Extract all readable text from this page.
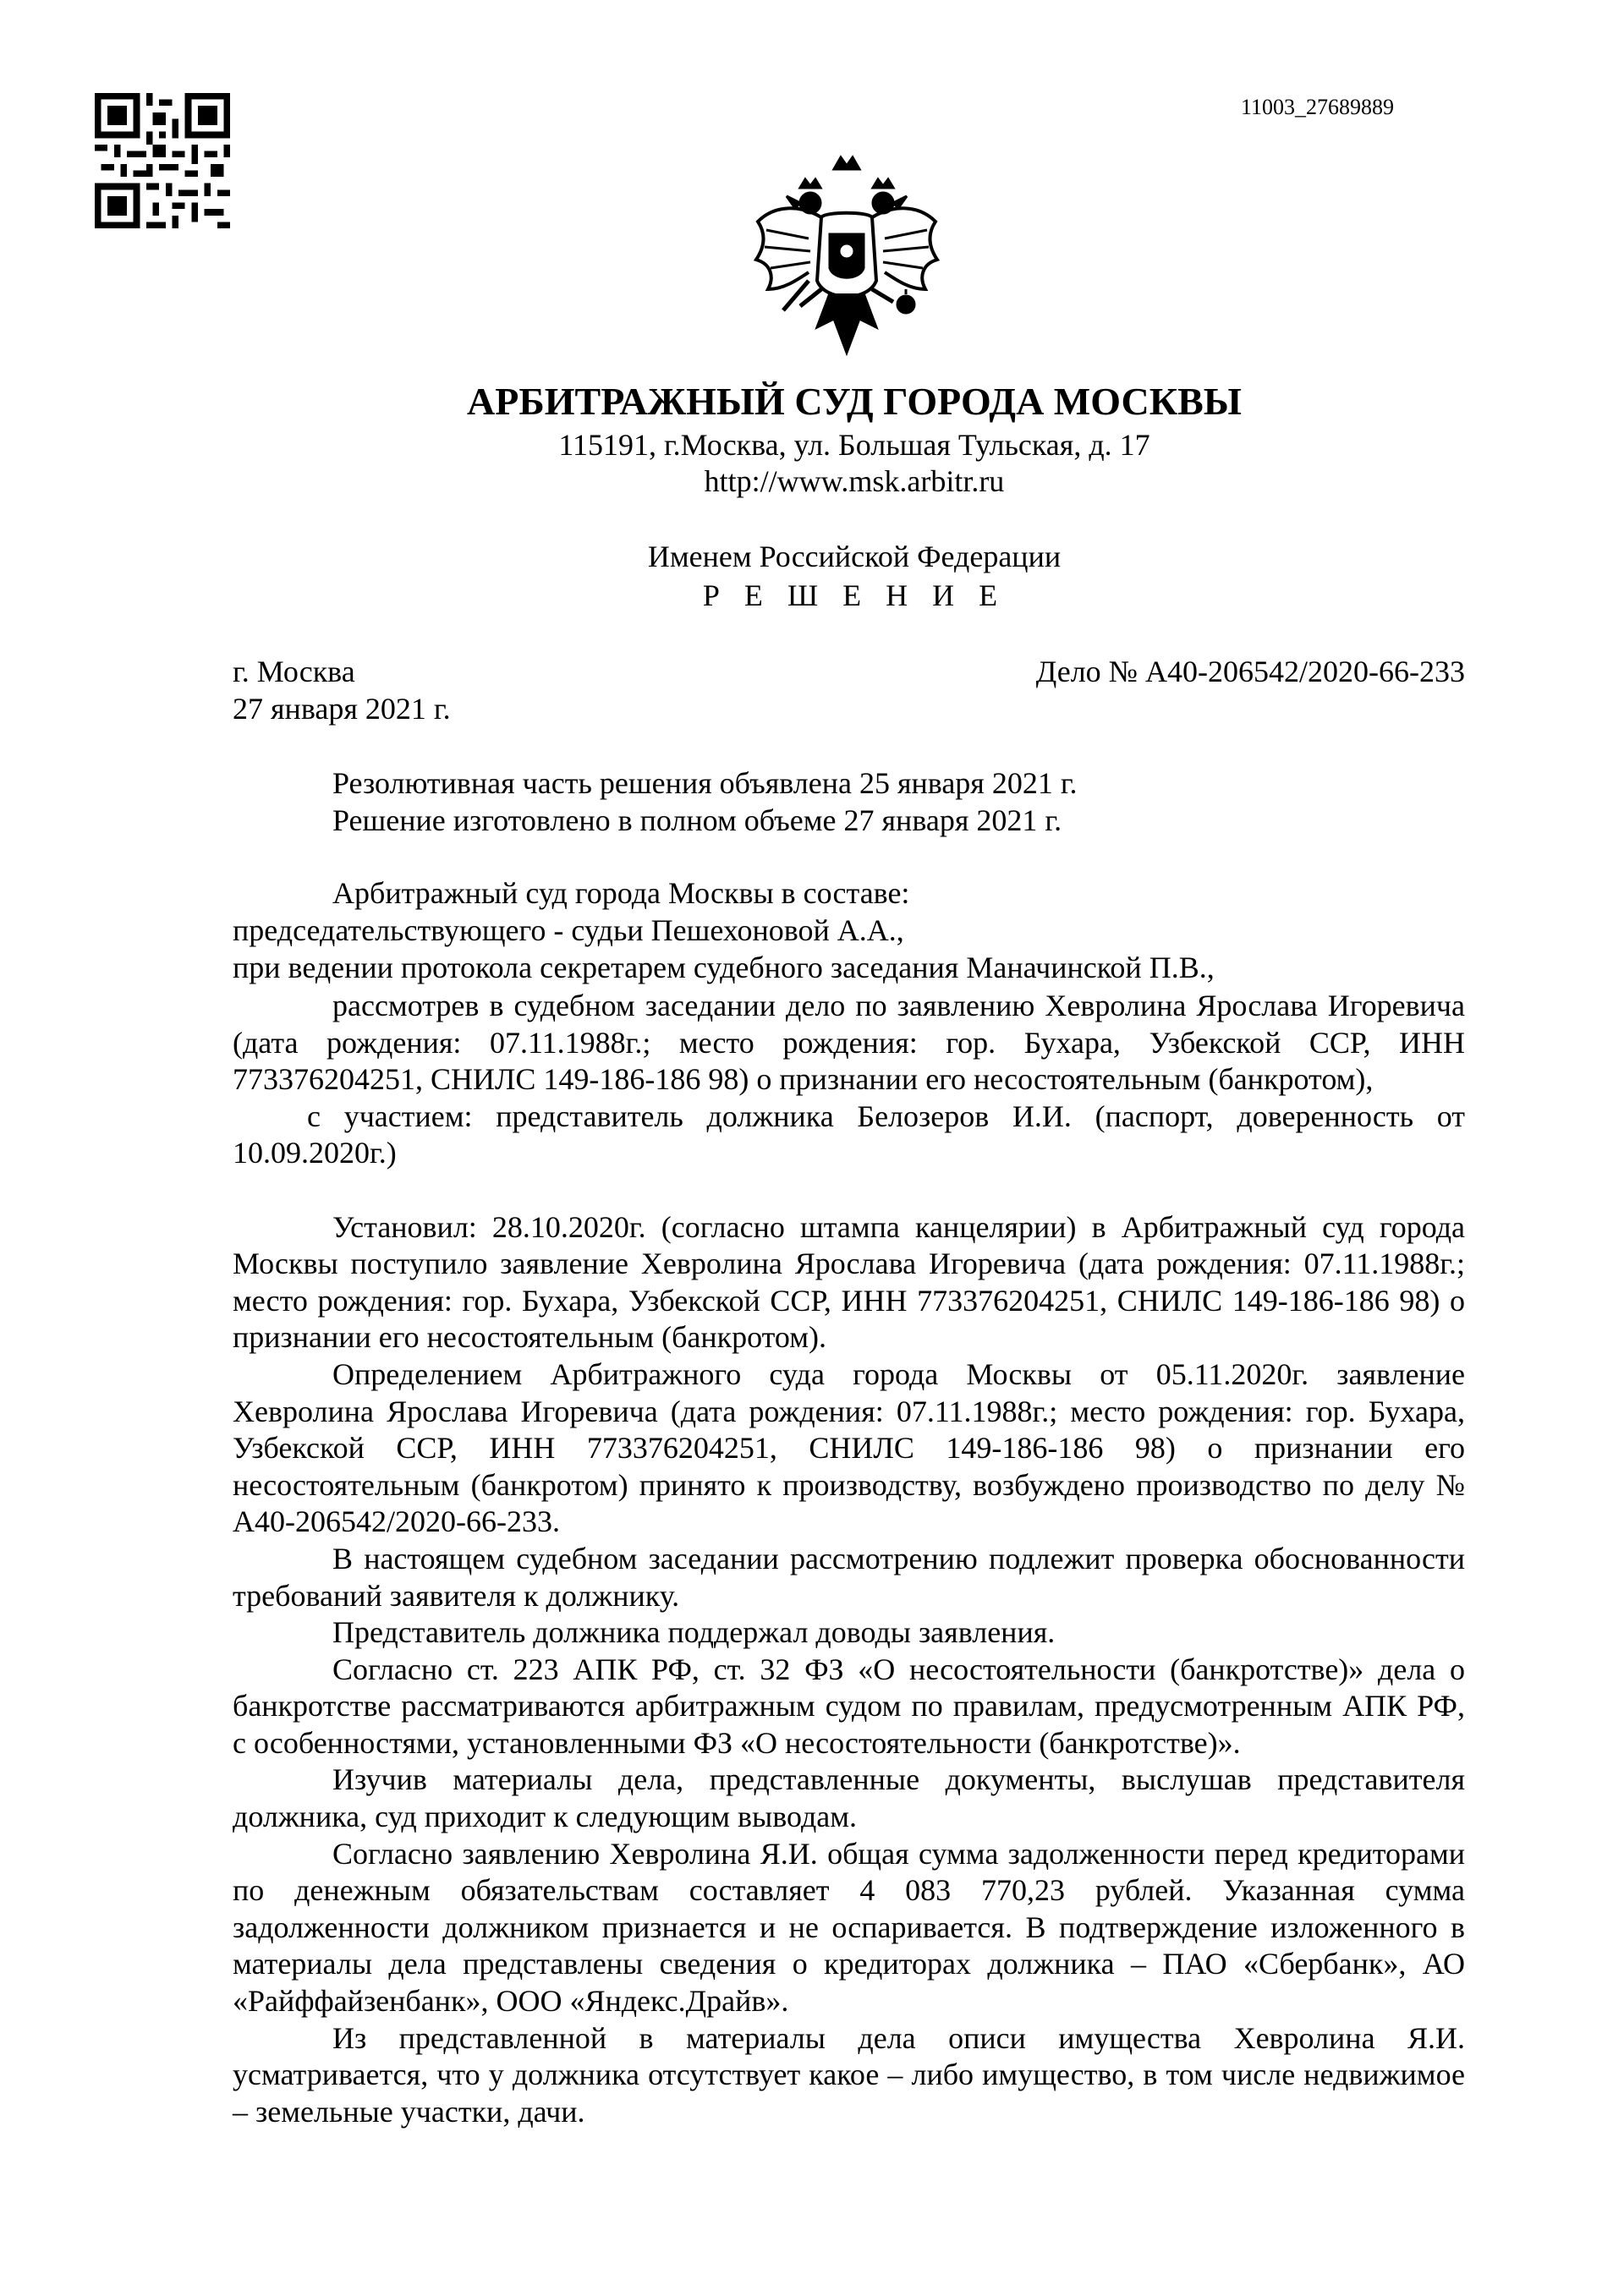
11003_27689889
АРБИТРАЖНЫЙ СУД ГОРОДА МОСКВЫ
115191, г.Москва, ул. Большая Тульская, д. 17
http://www.msk.arbitr.ru
Именем Российской Федерации
Р Е Ш Е Н И Е
г. Москва
27 января 2021 г.
Дело № А40-206542/2020-66-233
Резолютивная часть решения объявлена 25 января 2021 г.
Решение изготовлено в полном объеме 27 января 2021 г.
Арбитражный суд города Москвы в составе:
председательствующего - судьи Пешехоновой А.А.,
при ведении протокола секретарем судебного заседания Маначинской П.В.,

рассмотрев в судебном заседании дело по заявлению Хевролина Ярослава Игоревича (дата рождения: 07.11.1988г.; место рождения: гор. Бухара, Узбекской ССР, ИНН 773376204251, СНИЛС 149-186-186 98) о признании его несостоятельным (банкротом),

с участием: представитель должника Белозеров И.И. (паспорт, доверенность от 10.09.2020г.)

Установил: 28.10.2020г. (согласно штампа канцелярии) в Арбитражный суд города Москвы поступило заявление Хевролина Ярослава Игоревича (дата рождения: 07.11.1988г.; место рождения: гор. Бухара, Узбекской ССР, ИНН 773376204251, СНИЛС 149-186-186 98) о признании его несостоятельным (банкротом).

Определением Арбитражного суда города Москвы от 05.11.2020г. заявление Хевролина Ярослава Игоревича (дата рождения: 07.11.1988г.; место рождения: гор. Бухара, Узбекской ССР, ИНН 773376204251, СНИЛС 149-186-186 98) о признании его несостоятельным (банкротом) принято к производству, возбуждено производство по делу № А40-206542/2020-66-233.

В настоящем судебном заседании рассмотрению подлежит проверка обоснованности требований заявителя к должнику.

Представитель должника поддержал доводы заявления.

Согласно ст. 223 АПК РФ, ст. 32 ФЗ «О несостоятельности (банкротстве)» дела о банкротстве рассматриваются арбитражным судом по правилам, предусмотренным АПК РФ, с особенностями, установленными ФЗ «О несостоятельности (банкротстве)».

Изучив материалы дела, представленные документы, выслушав представителя должника, суд приходит к следующим выводам.

Согласно заявлению Хевролина Я.И. общая сумма задолженности перед кредиторами по денежным обязательствам составляет 4 083 770,23 рублей. Указанная сумма задолженности должником признается и не оспаривается. В подтверждение изложенного в материалы дела представлены сведения о кредиторах должника – ПАО «Сбербанк», АО «Райффайзенбанк», ООО «Яндекс.Драйв».

Из представленной в материалы дела описи имущества Хевролина Я.И. усматривается, что у должника отсутствует какое – либо имущество, в том числе недвижимое – земельные участки, дачи.
